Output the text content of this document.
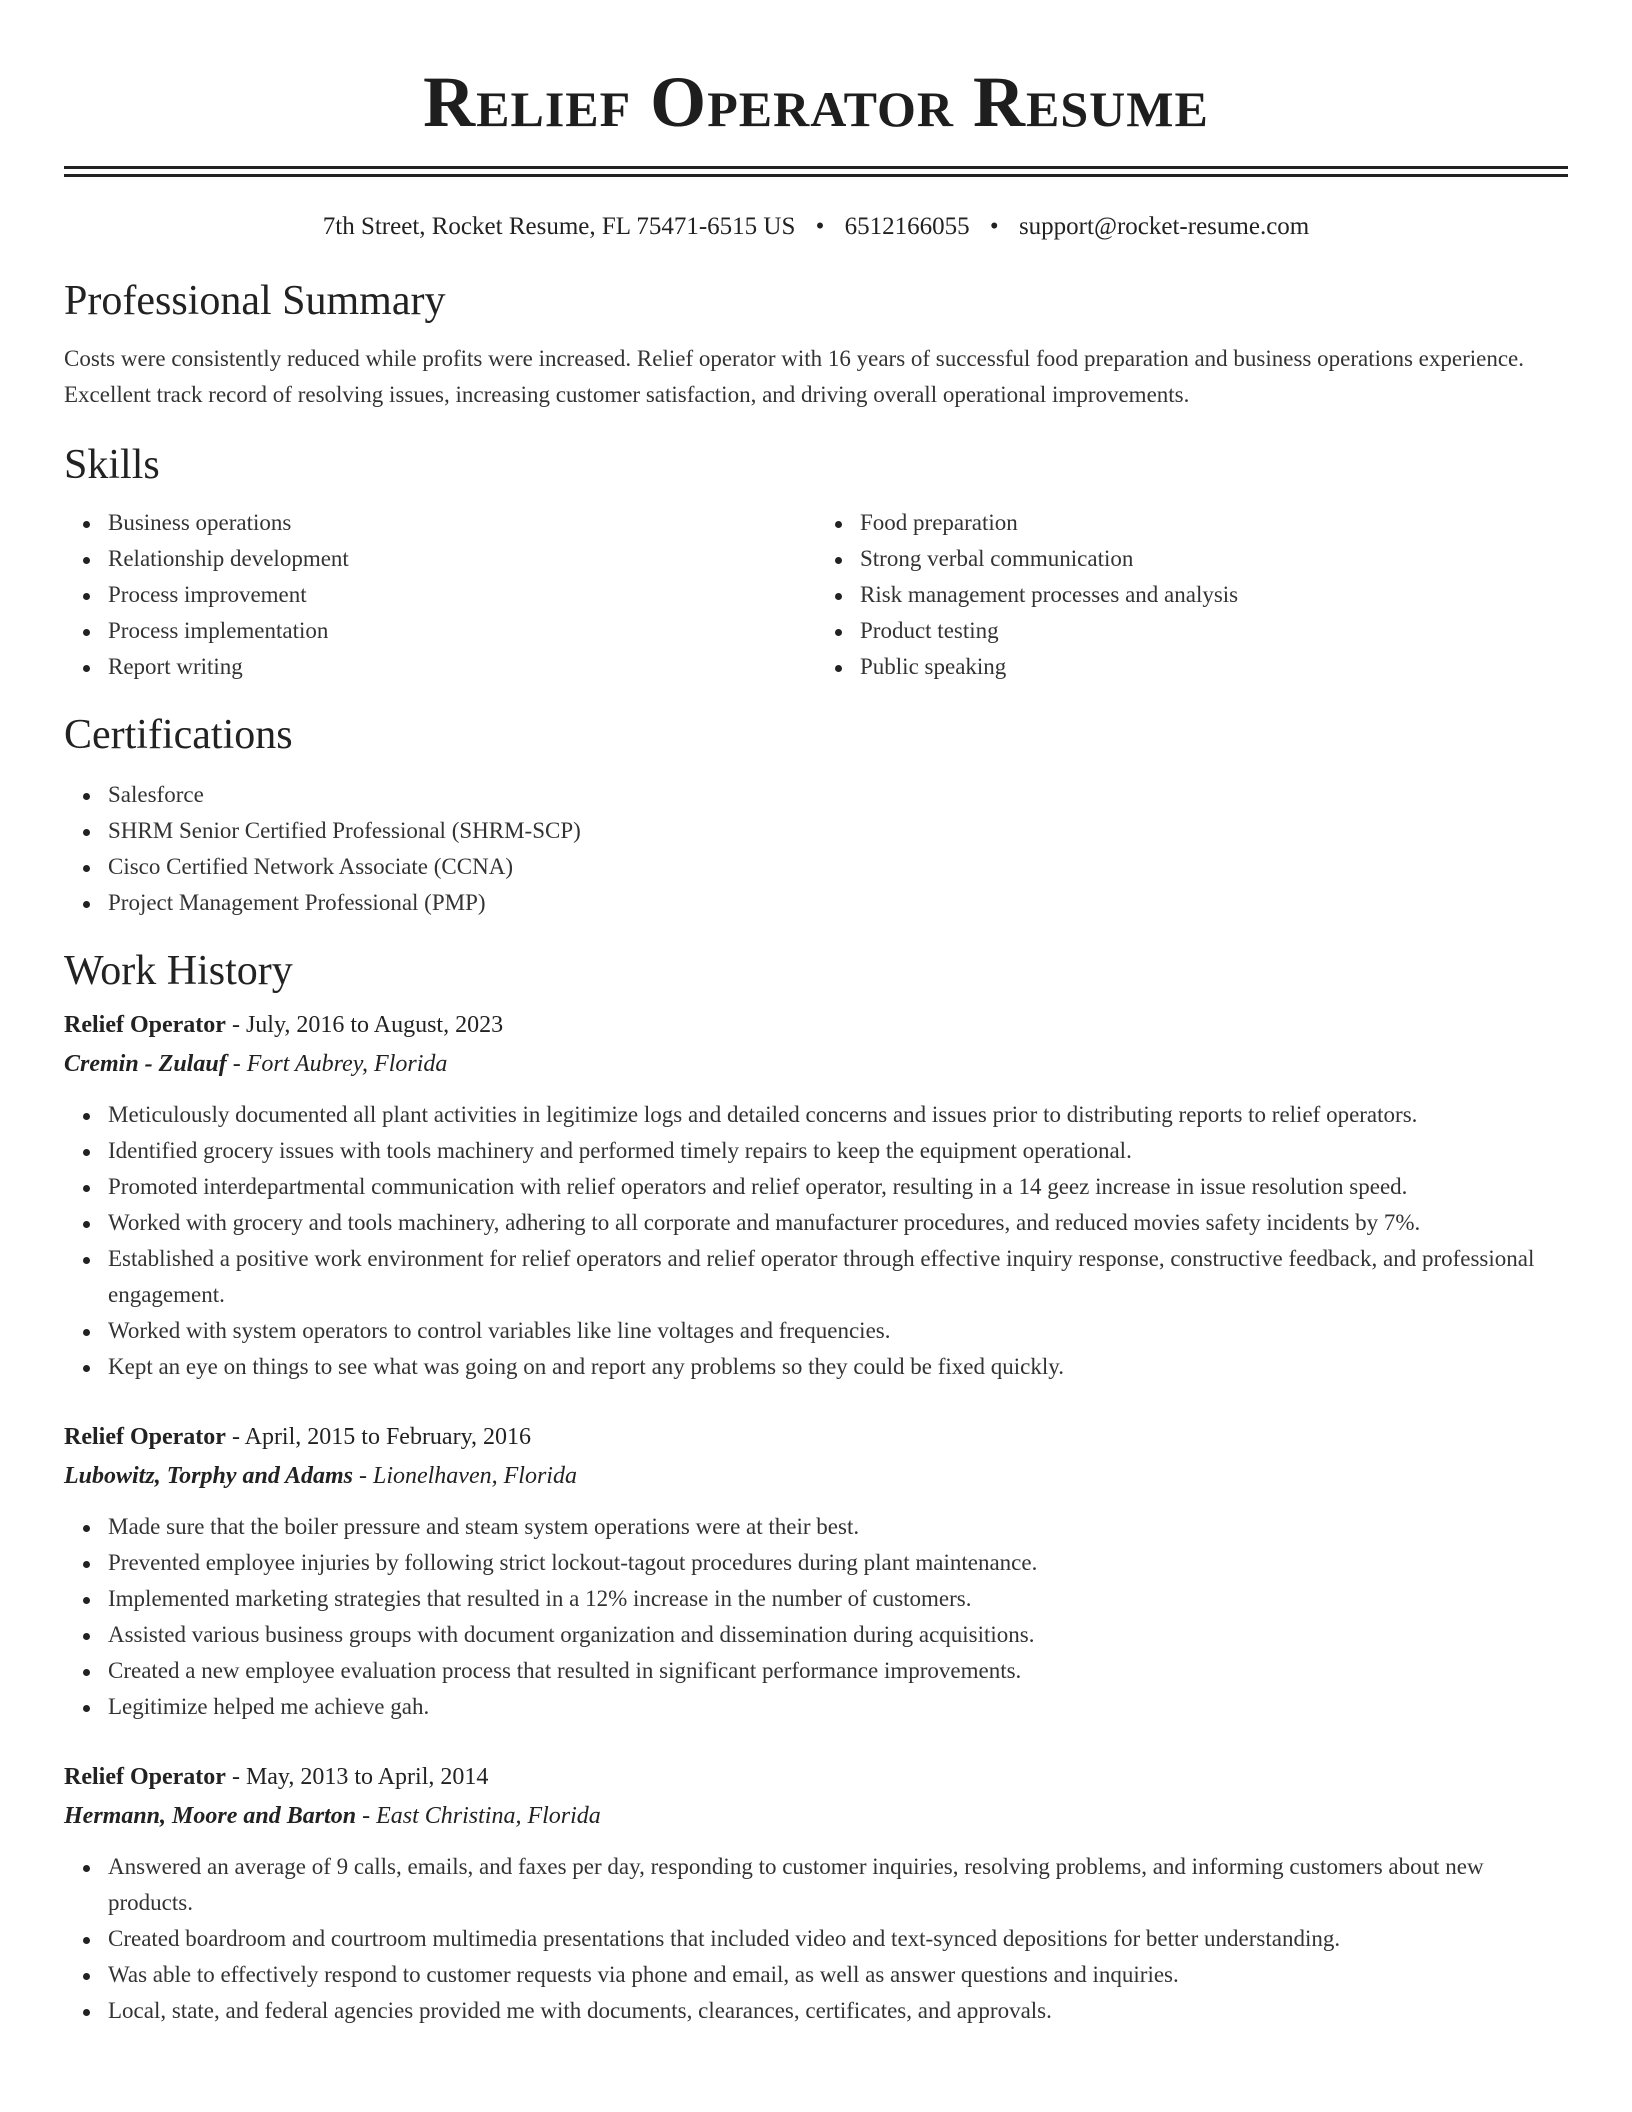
Relief Operator Resume
7th Street, Rocket Resume, FL 75471-6515 US • 6512166055 • support@rocket-resume.com
Professional Summary

Costs were consistently reduced while profits were increased. Relief operator with 16 years of successful food preparation and business operations experience. Excellent track record of resolving issues, increasing customer satisfaction, and driving overall operational improvements.

Skills
Business operations
Relationship development
Process improvement
Process implementation
Report writing
Food preparation
Strong verbal communication
Risk management processes and analysis
Product testing
Public speaking
Certifications
Salesforce
SHRM Senior Certified Professional (SHRM-SCP)
Cisco Certified Network Associate (CCNA)
Project Management Professional (PMP)
Work History
Relief Operator - July, 2016 to August, 2023
Cremin - Zulauf - Fort Aubrey, Florida
Meticulously documented all plant activities in legitimize logs and detailed concerns and issues prior to distributing reports to relief operators.
Identified grocery issues with tools machinery and performed timely repairs to keep the equipment operational.
Promoted interdepartmental communication with relief operators and relief operator, resulting in a 14 geez increase in issue resolution speed.
Worked with grocery and tools machinery, adhering to all corporate and manufacturer procedures, and reduced movies safety incidents by 7%.
Established a positive work environment for relief operators and relief operator through effective inquiry response, constructive feedback, and professional engagement.
Worked with system operators to control variables like line voltages and frequencies.
Kept an eye on things to see what was going on and report any problems so they could be fixed quickly.
Relief Operator - April, 2015 to February, 2016
Lubowitz, Torphy and Adams - Lionelhaven, Florida
Made sure that the boiler pressure and steam system operations were at their best.
Prevented employee injuries by following strict lockout-tagout procedures during plant maintenance.
Implemented marketing strategies that resulted in a 12% increase in the number of customers.
Assisted various business groups with document organization and dissemination during acquisitions.
Created a new employee evaluation process that resulted in significant performance improvements.
Legitimize helped me achieve gah.
Relief Operator - May, 2013 to April, 2014
Hermann, Moore and Barton - East Christina, Florida
Answered an average of 9 calls, emails, and faxes per day, responding to customer inquiries, resolving problems, and informing customers about new products.
Created boardroom and courtroom multimedia presentations that included video and text-synced depositions for better understanding.
Was able to effectively respond to customer requests via phone and email, as well as answer questions and inquiries.
Local, state, and federal agencies provided me with documents, clearances, certificates, and approvals.
